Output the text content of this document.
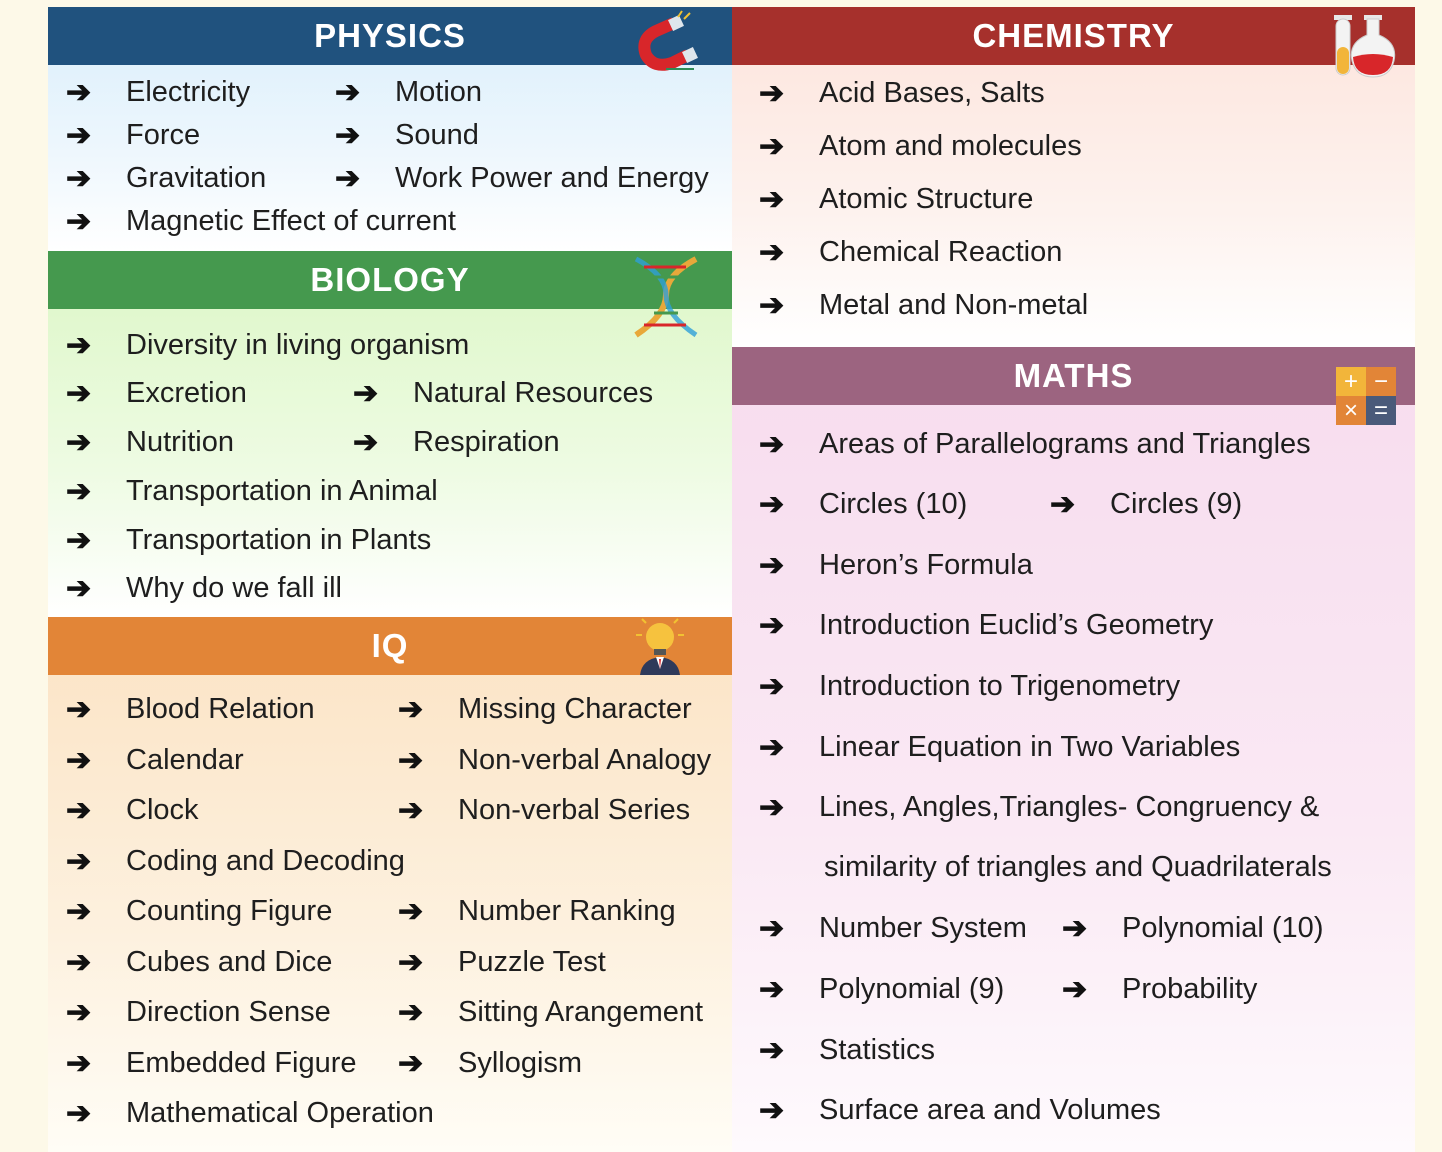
PHYSICS
➔ Electricity	➔ Motion
➔ Force	➔ Sound
➔ Gravitation ➔ Work Power and Energy
➔ Magnetic Effect of current
BIOLOGY
➔ Diversity in living organism
➔ Excretion	➔ Natural Resources
➔ Nutrition	➔ Respiration
➔ Transportation in Animal
➔ Transportation in Plants
➔ Why do we fall ill
IQ
➔ Blood Relation	➔ Missing Character
➔ Calendar	➔ Non-verbal Analogy
➔ Clock	➔ Non-verbal Series
➔ Coding and Decoding
➔ Counting Figure ➔ Number Ranking
➔ Cubes and Dice ➔ Puzzle Test
➔ Direction Sense ➔ Sitting Arangement
➔ Embedded Figure ➔ Syllogism
➔ Mathematical Operation
CHEMISTRY
➔ Acid Bases, Salts
➔ Atom and molecules
➔ Atomic Structure
➔ Chemical Reaction
➔ Metal and Non-metal
MATHS	+ −
× =
➔ Areas of Parallelograms and Triangles
➔ Circles (10)	➔ Circles (9)
➔ Heron’s Formula
➔ Introduction Euclid’s Geometry
➔ Introduction to Trigenometry
➔ Linear Equation in Two Variables
➔ Lines, Angles,Triangles- Congruency &
similarity of triangles and Quadrilaterals
➔ Number System ➔ Polynomial (10)
➔ Polynomial (9) ➔ Probability
➔ Statistics
➔ Surface area and Volumes
